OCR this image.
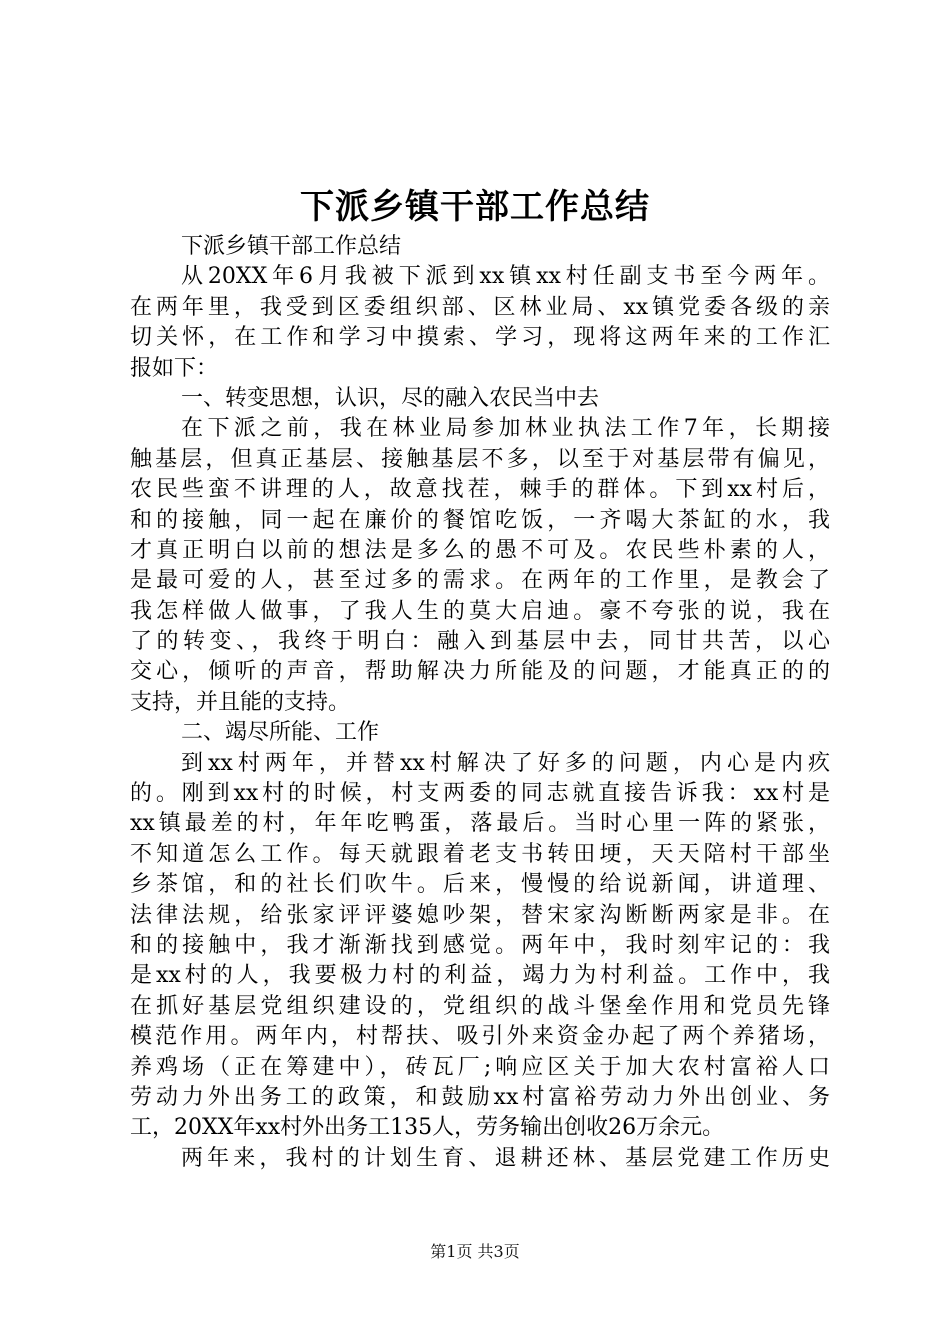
下派乡镇干部工作总结
下派乡镇干部工作总结
从20XX年6月我被下派到xx镇xx村任副支书至今两年。
在两年里，我受到区委组织部、区林业局、xx镇党委各级的亲
切关怀，在工作和学习中摸索、学习，现将这两年来的工作汇
报如下：
一、转变思想，认识，尽的融入农民当中去
在下派之前，我在林业局参加林业执法工作7年，长期接
触基层，但真正基层、接触基层不多，以至于对基层带有偏见，
农民些蛮不讲理的人，故意找茬，棘手的群体。下到xx村后，
和的接触，同一起在廉价的餐馆吃饭，一齐喝大茶缸的水，我
才真正明白以前的想法是多么的愚不可及。农民些朴素的人，
是最可爱的人，甚至过多的需求。在两年的工作里，是教会了
我怎样做人做事，了我人生的莫大启迪。豪不夸张的说，我在
了的转变、，我终于明白：融入到基层中去，同甘共苦，以心
交心，倾听的声音，帮助解决力所能及的问题，才能真正的的
支持，并且能的支持。
二、竭尽所能、工作
到xx村两年，并替xx村解决了好多的问题，内心是内疚
的。刚到xx村的时候，村支两委的同志就直接告诉我：xx村是
xx镇最差的村，年年吃鸭蛋，落最后。当时心里一阵的紧张，
不知道怎么工作。每天就跟着老支书转田埂，天天陪村干部坐
乡茶馆，和的社长们吹牛。后来，慢慢的给说新闻，讲道理、
法律法规，给张家评评婆媳吵架，替宋家沟断断两家是非。在
和的接触中，我才渐渐找到感觉。两年中，我时刻牢记的：我
是xx村的人，我要极力村的利益，竭力为村利益。工作中，我
在抓好基层党组织建设的，党组织的战斗堡垒作用和党员先锋
模范作用。两年内，村帮扶、吸引外来资金办起了两个养猪场，
养鸡场（正在筹建中），砖瓦厂;响应区关于加大农村富裕人口
劳动力外出务工的政策，和鼓励xx村富裕劳动力外出创业、务
工，20XX年xx村外出务工135人，劳务输出创收26万余元。
两年来，我村的计划生育、退耕还林、基层党建工作历史
第1页 共3页
